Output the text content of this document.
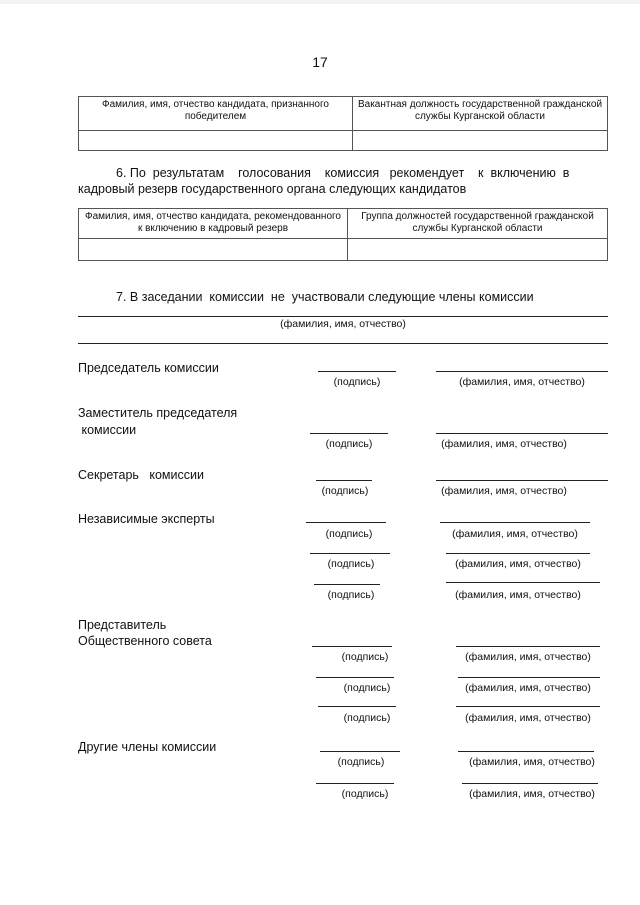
17
Фамилия, имя, отчество кандидата, признанного победителем	Вакантная должность государственной гражданской службы Курганской области

6. По  результатам    голосования    комиссия   рекомендует    к  включению  в
кадровый резерв государственного органа следующих кандидатов
Фамилия, имя, отчество кандидата, рекомендованного к включению в кадровый резерв	Группа должностей государственной гражданской службы Курганской области

7. В заседании  комиссии  не  участвовали следующие члены комиссии
(фамилия, имя, отчество)
Председатель комиссии
(подпись)	(фамилия, имя, отчество)
Заместитель председателя
комиссии
(подпись)	(фамилия, имя, отчество)
Секретарь   комиссии
(подпись)	(фамилия, имя, отчество)
Независимые эксперты
(подпись)	(фамилия, имя, отчество)
(подпись)	(фамилия, имя, отчество)
(подпись)	(фамилия, имя, отчество)
Представитель
Общественного совета
(подпись)	(фамилия, имя, отчество)
(подпись)	(фамилия, имя, отчество)
(подпись)	(фамилия, имя, отчество)
Другие члены комиссии
(подпись)	(фамилия, имя, отчество)
(подпись)	(фамилия, имя, отчество)
